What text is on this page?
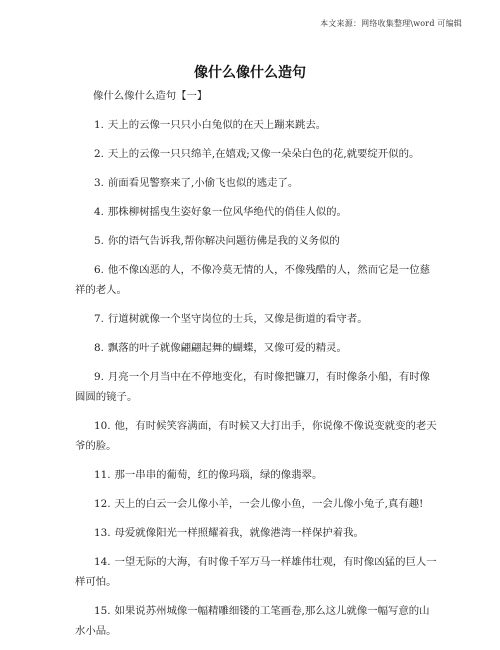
本文来源：网络收集整理\word 可编辑
像什么像什么造句

像什么像什么造句【一】

1. 天上的云像一只只小白兔似的在天上蹦来跳去。

2. 天上的云像一只只绵羊,在嬉戏;又像一朵朵白色的花,就要绽开似的。

3. 前面看见警察来了,小偷飞也似的逃走了。

4. 那株柳树摇曳生姿好象一位风华绝代的俏佳人似的。

5. 你的语气告诉我,帮你解决问题彷佛是我的义务似的

6. 他不像凶恶的人，不像冷莫无情的人，不像残酷的人，然而它是一位慈祥的老人。

7. 行道树就像一个坚守岗位的士兵，又像是街道的看守者。

8. 飘落的叶子就像翩翩起舞的蝴蝶，又像可爱的精灵。

9. 月亮一个月当中在不停地变化，有时像把镰刀，有时像条小船，有时像圆圆的镜子。

10. 他，有时候笑容满面，有时候又大打出手，你说像不像说变就变的老天爷的脸。

11. 那一串串的葡萄，红的像玛瑙，绿的像翡翠。

12. 天上的白云一会儿像小羊，一会儿像小鱼，一会儿像小兔子,真有趣!

13. 母爱就像阳光一样照耀着我，就像港湾一样保护着我。

14. 一望无际的大海，有时像千军万马一样雄伟壮观，有时像凶猛的巨人一样可怕。

15. 如果说苏州城像一幅精雕细镂的工笔画卷,那么这儿就像一幅写意的山水小品。
